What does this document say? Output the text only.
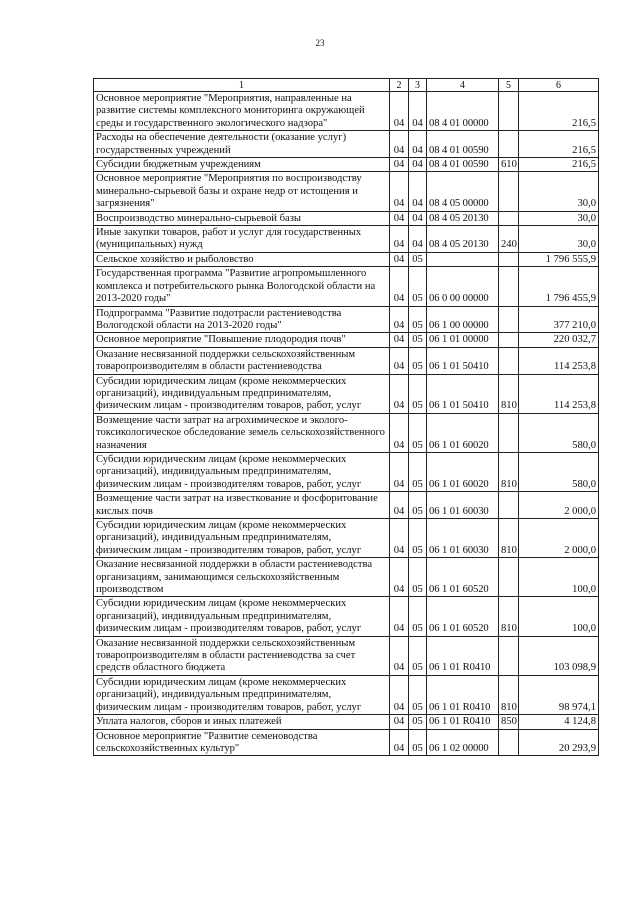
23
1	2	3	4	5	6
Основное мероприятие "Мероприятия, направленные на развитие системы комплексного мониторинга окружающей среды и государственного экологического надзора"	04	04	08 4 01 00000		216,5
Расходы на обеспечение деятельности (оказание услуг) государственных учреждений	04	04	08 4 01 00590		216,5
Субсидии бюджетным учреждениям	04	04	08 4 01 00590	610	216,5
Основное мероприятие "Мероприятия по воспроизводству минерально-сырьевой базы и охране недр от истощения и загрязнения"	04	04	08 4 05 00000		30,0
Воспроизводство минерально-сырьевой базы	04	04	08 4 05 20130		30,0
Иные закупки товаров, работ и услуг для государственных (муниципальных) нужд	04	04	08 4 05 20130	240	30,0
Сельское хозяйство и рыболовство	04	05			1 796 555,9
Государственная программа "Развитие агропромышленного комплекса и потребительского рынка Вологодской области на 2013-2020 годы"	04	05	06 0 00 00000		1 796 455,9
Подпрограмма "Развитие подотрасли растениеводства Вологодской области на 2013-2020 годы"	04	05	06 1 00 00000		377 210,0
Основное мероприятие "Повышение плодородия почв"	04	05	06 1 01 00000		220 032,7
Оказание несвязанной поддержки сельскохозяйственным товаропроизводителям в области растениеводства	04	05	06 1 01 50410		114 253,8
Субсидии юридическим лицам (кроме некоммерческих организаций), индивидуальным предпринимателям, физическим лицам - производителям товаров, работ, услуг	04	05	06 1 01 50410	810	114 253,8
Возмещение части затрат на агрохимическое и эколого-токсикологическое обследование земель сельскохозяйственного назначения	04	05	06 1 01 60020		580,0
Субсидии юридическим лицам (кроме некоммерческих организаций), индивидуальным предпринимателям, физическим лицам - производителям товаров, работ, услуг	04	05	06 1 01 60020	810	580,0
Возмещение части затрат на известкование и фосфоритование кислых почв	04	05	06 1 01 60030		2 000,0
Субсидии юридическим лицам (кроме некоммерческих организаций), индивидуальным предпринимателям, физическим лицам - производителям товаров, работ, услуг	04	05	06 1 01 60030	810	2 000,0
Оказание несвязанной поддержки в области растениеводства организациям, занимающимся сельскохозяйственным производством	04	05	06 1 01 60520		100,0
Субсидии юридическим лицам (кроме некоммерческих организаций), индивидуальным предпринимателям, физическим лицам - производителям товаров, работ, услуг	04	05	06 1 01 60520	810	100,0
Оказание несвязанной поддержки сельскохозяйственным товаропроизводителям в области растениеводства за счет средств областного бюджета	04	05	06 1 01 R0410		103 098,9
Субсидии юридическим лицам (кроме некоммерческих организаций), индивидуальным предпринимателям, физическим лицам - производителям товаров, работ, услуг	04	05	06 1 01 R0410	810	98 974,1
Уплата налогов, сборов и иных платежей	04	05	06 1 01 R0410	850	4 124,8
Основное мероприятие "Развитие семеноводства сельскохозяйственных культур"	04	05	06 1 02 00000		20 293,9
